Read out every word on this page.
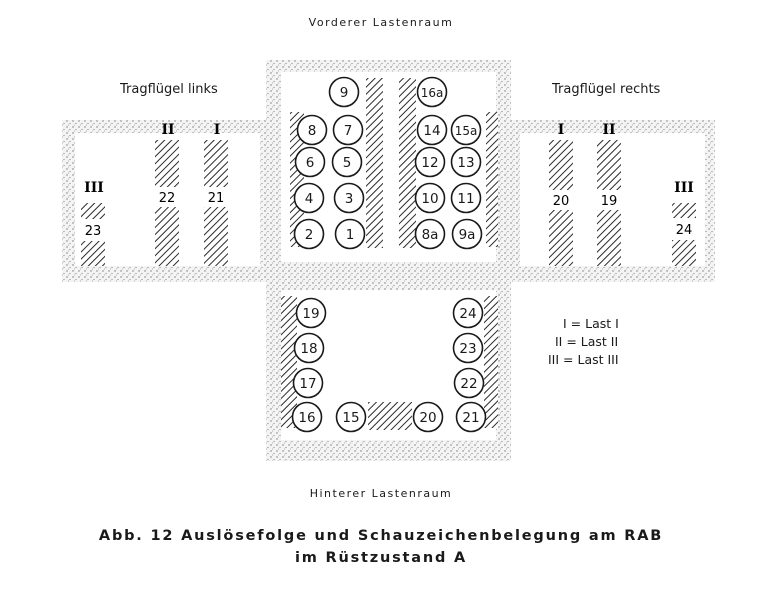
21
22
23
20 19
24
I
II
III
I	II
III
9
8 7
6 5
4 3
2 1
16a
14 15a
12 13
10 11
8a 9a
19
18
17
16 15
24
23
22
20 21
Vorderer Lastenraum
Tragflügel links	Tragflügel rechts
I = Last I
II = Last II
III = Last III
Hinterer Lastenraum
Abb. 12 Auslösefolge und Schauzeichenbelegung am RAB
im Rüstzustand A
